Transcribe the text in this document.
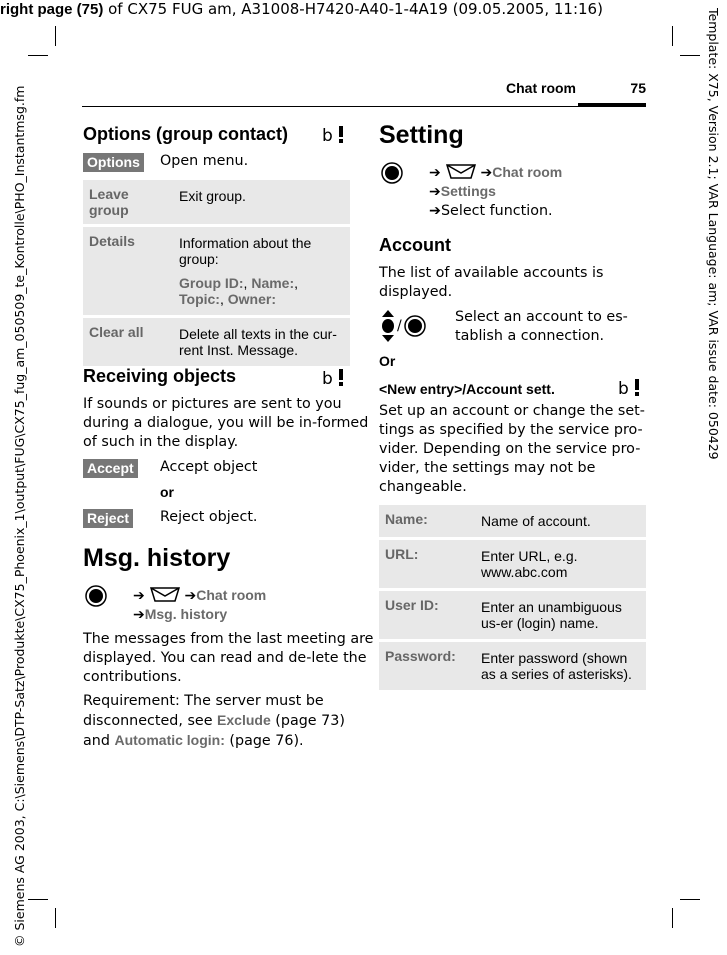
right page (75) of CX75 FUG am, A31008-H7420-A40-1-4A19 (09.05.2005, 11:16)
© Siemens AG 2003, C:\Siemens\DTP-Satz\Produkte\CX75_Phoenix_1\output\FUG\CX75_fug_am_050509_te_Kontrolle\PHO_Instantmsg.fm	Template: X75, Version 2.1; VAR Language: am; VAR issue date: 050429
Chat room	75
Options (group contact) b
Options Open menu.
Leave group	Exit group.
Details	Information about the group:
Group ID:, Name:, Topic:, Owner:

Clear all	Delete all texts in the cur-rent Inst. Message.
Receiving objects	b
If sounds or pictures are sent to you during a dialogue, you will be in-formed of such in the display.
Accept Accept object
or
Reject Reject object.
Msg. history
➔	➔Chat room
➔Msg. history
The messages from the last meeting are displayed. You can read and de-lete the contributions.
Requirement: The server must be disconnected, see Exclude (page 73) and Automatic login: (page 76).
Setting
➔	➔Chat room
➔Settings
➔Select function.
Account
The list of available accounts is displayed.
/
Select an account to es-tablish a connection.
Or
<New entry>/Account sett.	b
Set up an account or change the set-tings as specified by the service pro-vider. Depending on the service pro-vider, the settings may not be changeable.
Name:	Name of account.
URL:	Enter URL, e.g. www.abc.com
User ID:	Enter an unambiguous us-er (login) name.
Password:	Enter password (shown as a series of asterisks).
